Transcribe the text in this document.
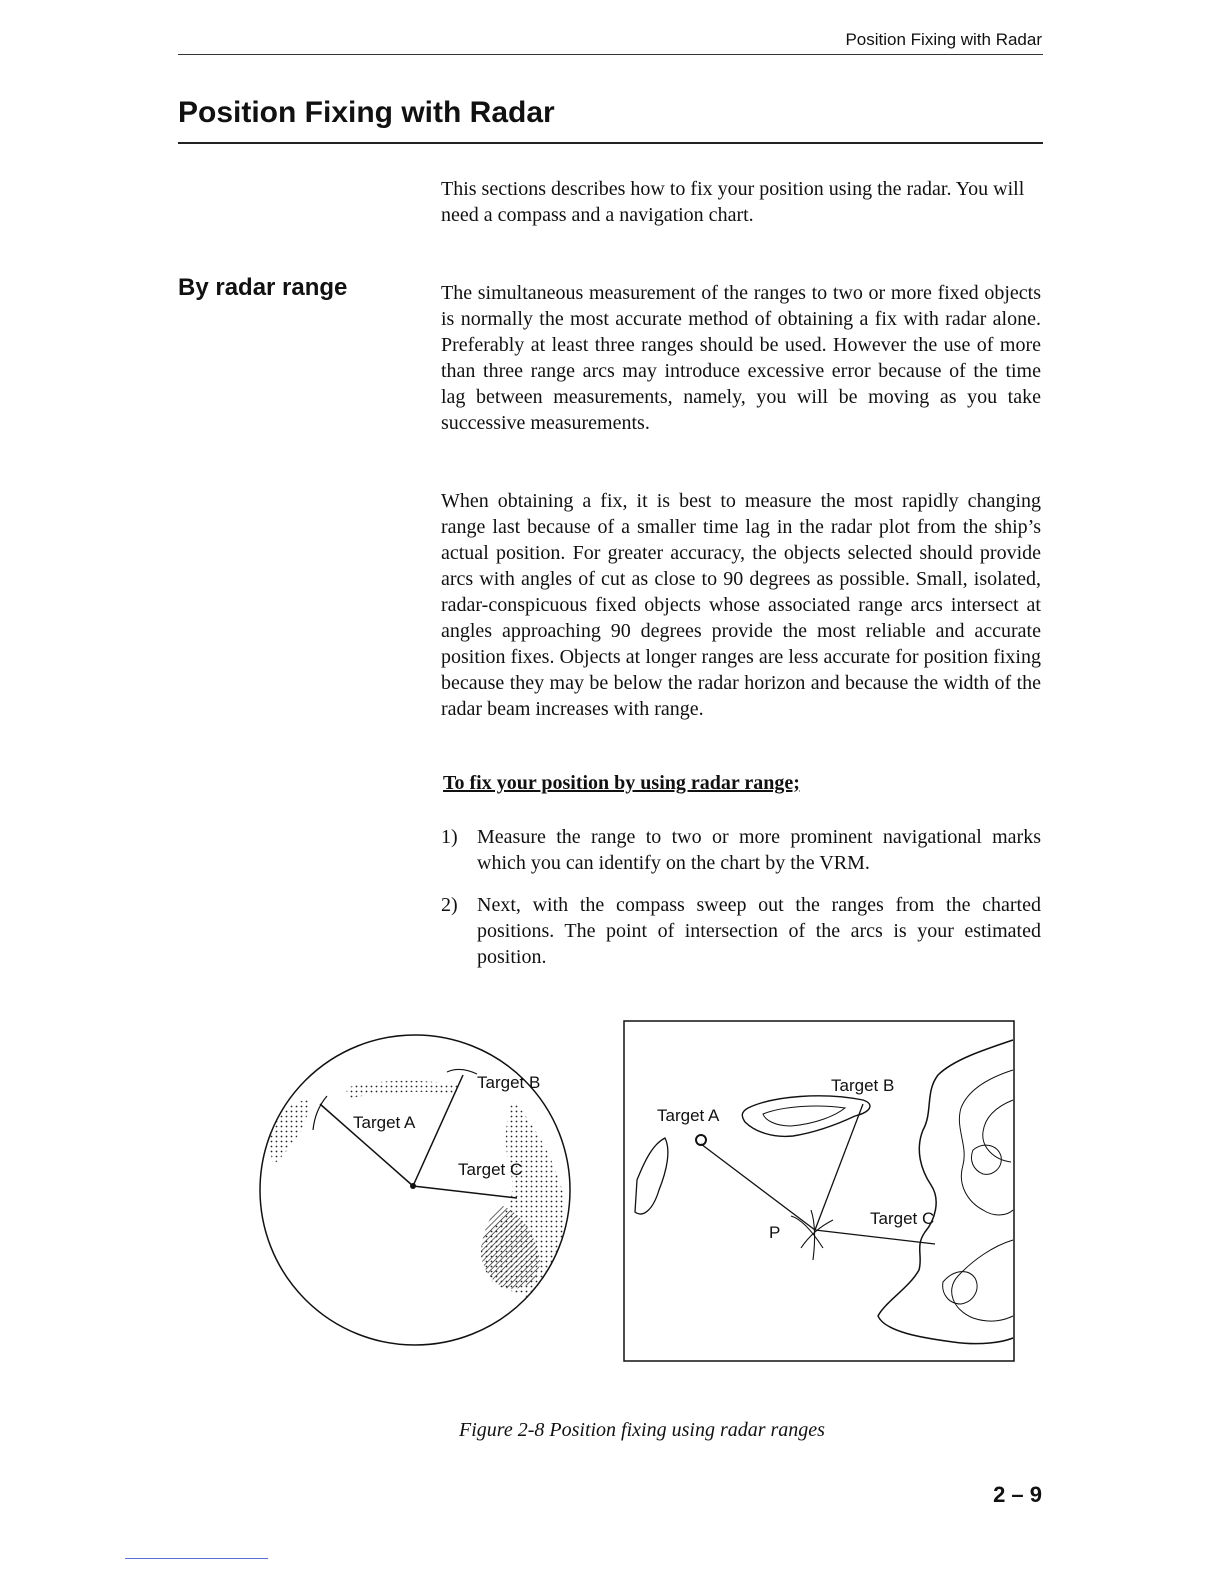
Position Fixing with Radar
Position Fixing with Radar

This sections describes how to fix your position using the radar. You will need a compass and a navigation chart.

By radar range	The simultaneous measurement of the ranges to two or more fixed objects is normally the most accurate method of obtaining a fix with radar alone. Preferably at least three ranges should be used. However the use of more than three range arcs may introduce excessive error because of the time lag between measurements, namely, you will be moving as you take successive measurements.

When obtaining a fix, it is best to measure the most rapidly changing range last because of a smaller time lag in the radar plot from the ship’s actual position. For greater accuracy, the objects selected should provide arcs with angles of cut as close to 90 degrees as possible. Small, isolated, radar-conspicuous fixed objects whose associated range arcs intersect at angles approaching 90 degrees provide the most reliable and accurate position fixes. Objects at longer ranges are less accurate for position fixing because they may be below the radar horizon and because the width of the radar beam increases with range.

To fix your position by using radar range;
1) Measure the range to two or more prominent navigational marks which you can identify on the chart by the VRM.
2) Next, with the compass sweep out the ranges from the charted positions. The point of intersection of the arcs is your estimated position.
Target A
Target B
Target C
Target A
Target B
Target C
P
Figure 2-8 Position fixing using radar ranges
2 – 9
